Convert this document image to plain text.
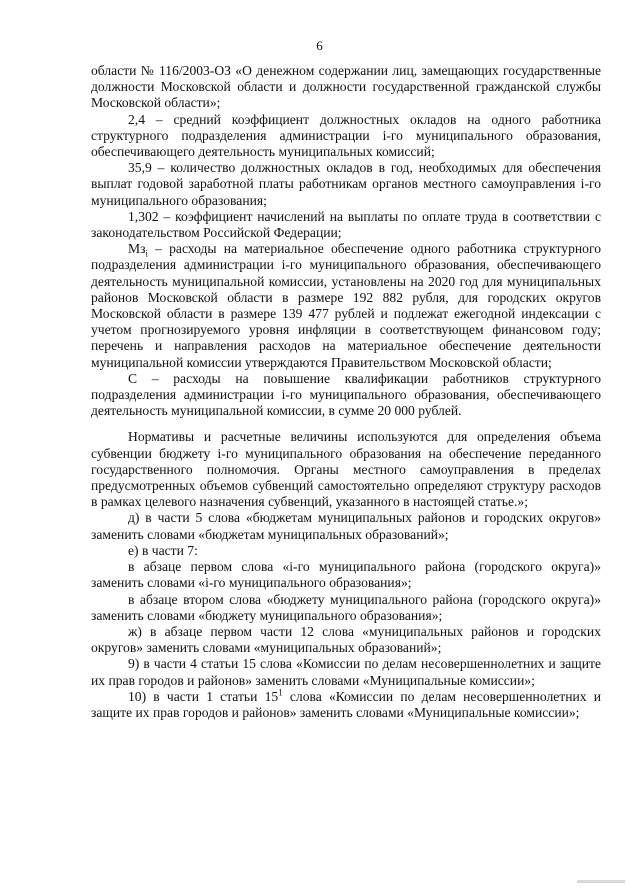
6

области № 116/2003-ОЗ «О денежном содержании лиц, замещающих государственные должности Московской области и должности государственной гражданской службы Московской области»;

2,4 – средний коэффициент должностных окладов на одного работника структурного подразделения администрации i-го муниципального образования, обеспечивающего деятельность муниципальных комиссий;

35,9 – количество должностных окладов в год, необходимых для обеспечения выплат годовой заработной платы работникам органов местного самоуправления i-го муниципального образования;

1,302 – коэффициент начислений на выплаты по оплате труда в соответствии с законодательством Российской Федерации;

$Мз_i$ – расходы на материальное обеспечение одного работника структурного подразделения администрации i-го муниципального образования, обеспечивающего деятельность муниципальной комиссии, установлены на 2020 год для муниципальных районов Московской области в размере 192 882 рубля, для городских округов Московской области в размере 139 477 рублей и подлежат ежегодной индексации с учетом прогнозируемого уровня инфляции в соответствующем финансовом году; перечень и направления расходов на материальное обеспечение деятельности муниципальной комиссии утверждаются Правительством Московской области;

С – расходы на повышение квалификации работников структурного подразделения администрации i-го муниципального образования, обеспечивающего деятельность муниципальной комиссии, в сумме 20 000 рублей.

Нормативы и расчетные величины используются для определения объема субвенции бюджету i-го муниципального образования на обеспечение переданного государственного полномочия. Органы местного самоуправления в пределах предусмотренных объемов субвенций самостоятельно определяют структуру расходов в рамках целевого назначения субвенций, указанного в настоящей статье.»;

д) в части 5 слова «бюджетам муниципальных районов и городских округов» заменить словами «бюджетам муниципальных образований»;

е) в части 7:

в абзаце первом слова «i-го муниципального района (городского округа)» заменить словами «i-го муниципального образования»;

в абзаце втором слова «бюджету муниципального района (городского округа)» заменить словами «бюджету муниципального образования»;

ж) в абзаце первом части 12 слова «муниципальных районов и городских округов» заменить словами «муниципальных образований»;

9) в части 4 статьи 15 слова «Комиссии по делам несовершеннолетних и защите их прав городов и районов» заменить словами «Муниципальные комиссии»;

10) в части 1 статьи $15^1$ слова «Комиссии по делам несовершеннолетних и защите их прав городов и районов» заменить словами «Муниципальные комиссии»;
